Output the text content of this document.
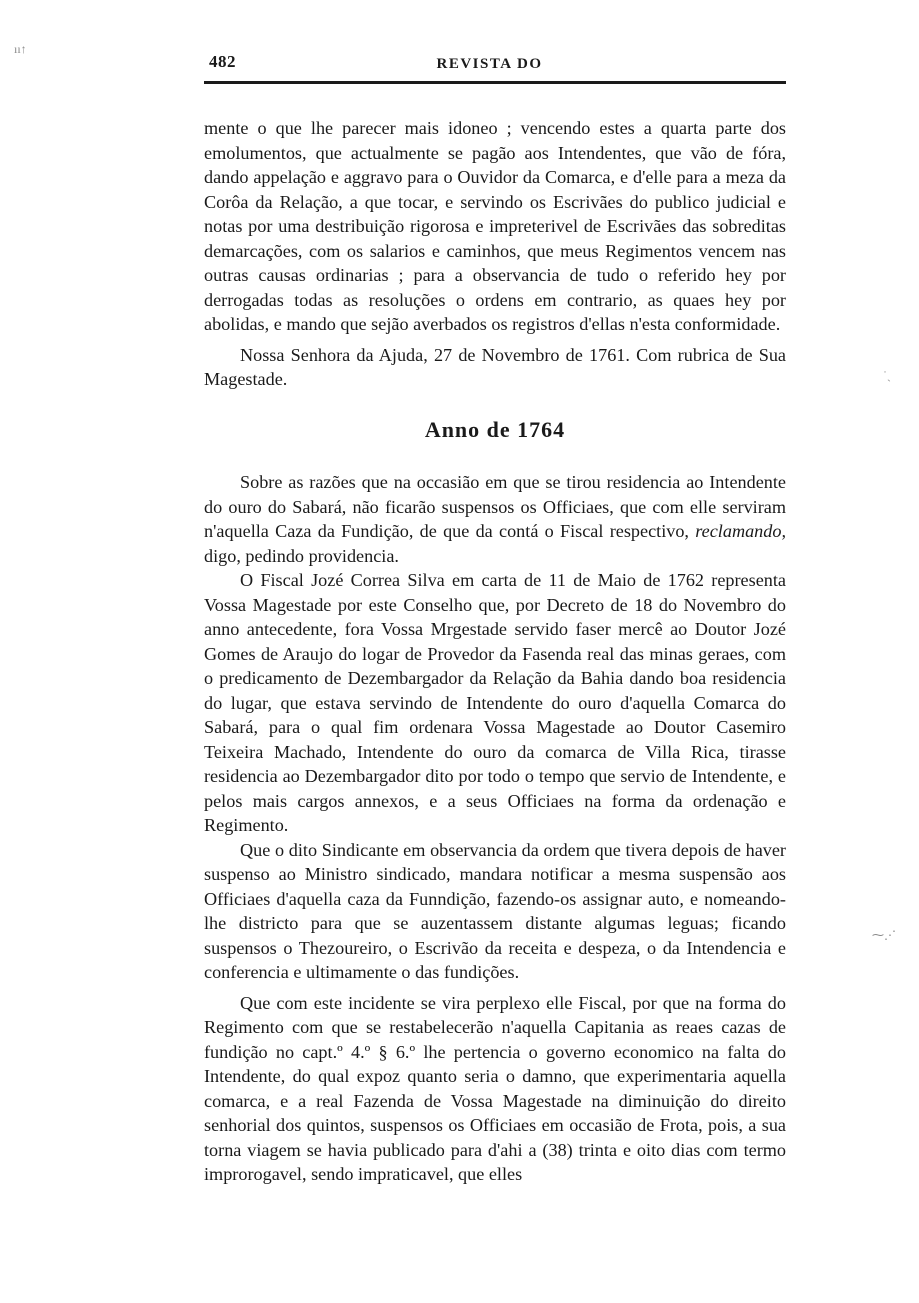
482	REVISTA DO
ıı↑
˙ˎ
⁓⋰

mente o que lhe parecer mais idoneo ; vencendo estes a quarta parte dos emolumentos, que actualmente se pagão aos Intendentes, que vão de fóra, dando appelação e aggravo para o Ouvidor da Comarca, e d'elle para a meza da Corôa da Relação, a que tocar, e servindo os Escrivães do publico judicial e notas por uma destribuição rigorosa e impreterivel de Escrivães das sobreditas demarcações, com os salarios e caminhos, que meus Regimentos vencem nas outras causas ordinarias ; para a observancia de tudo o referido hey por derrogadas todas as resoluções o ordens em contrario, as quaes hey por abolidas, e mando que sejão averbados os registros d'ellas n'esta conformidade.

Nossa Senhora da Ajuda, 27 de Novembro de 1761. Com rubrica de Sua Magestade.

Anno de 1764

Sobre as razões que na occasião em que se tirou residencia ao Intendente do ouro do Sabará, não ficarão suspensos os Officiaes, que com elle serviram n'aquella Caza da Fundição, de que da contá o Fiscal respectivo, reclamando, digo, pedindo providencia.

O Fiscal Jozé Correa Silva em carta de 11 de Maio de 1762 representa Vossa Magestade por este Conselho que, por Decreto de 18 do Novembro do anno antecedente, fora Vossa Mrgestade servido faser mercê ao Doutor Jozé Gomes de Araujo do logar de Provedor da Fasenda real das minas geraes, com o predicamento de Dezembargador da Relação da Bahia dando boa residencia do lugar, que estava servindo de Intendente do ouro d'aquella Comarca do Sabará, para o qual fim ordenara Vossa Magestade ao Doutor Casemiro Teixeira Machado, Intendente do ouro da comarca de Villa Rica, tirasse residencia ao Dezembargador dito por todo o tempo que servio de Intendente, e pelos mais cargos annexos, e a seus Officiaes na forma da ordenação e Regimento.

Que o dito Sindicante em observancia da ordem que tivera depois de haver suspenso ao Ministro sindicado, mandara notificar a mesma suspensão aos Officiaes d'aquella caza da Funndição, fazendo-os assignar auto, e nomeando-lhe districto para que se auzentassem distante algumas leguas; ficando suspensos o Thezoureiro, o Escrivão da receita e despeza, o da Intendencia e conferencia e ultimamente o das fundições.

Que com este incidente se vira perplexo elle Fiscal, por que na forma do Regimento com que se restabelecerão n'aquella Capitania as reaes cazas de fundição no capt.º 4.º § 6.º lhe pertencia o governo economico na falta do Intendente, do qual expoz quanto seria o damno, que experimentaria aquella comarca, e a real Fazenda de Vossa Magestade na diminuição do direito senhorial dos quintos, suspensos os Officiaes em occasião de Frota, pois, a sua torna viagem se havia publicado para d'ahi a (38) trinta e oito dias com termo improrogavel, sendo impraticavel, que elles
